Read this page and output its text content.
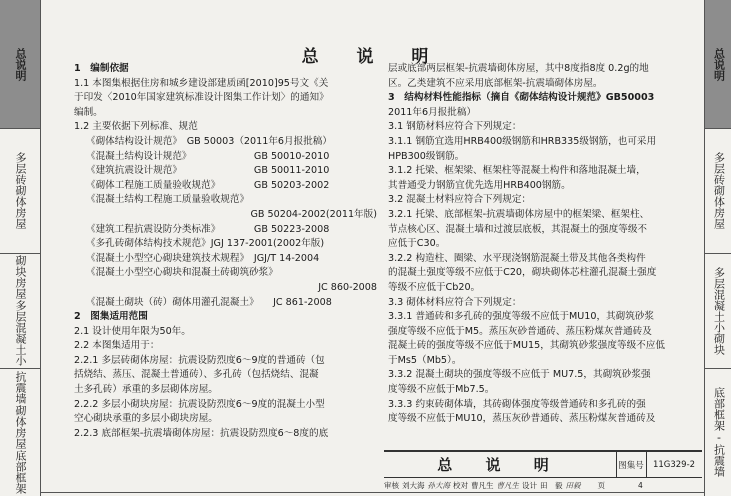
总说明
多层砖砌体房屋
多层混凝土小
砌块房屋
底部框架
砌体房屋
抗震墙
总说明
多层砖砌体房屋
多层混凝土小砌块
底部框架-抗震墙
总 说 明
1　编制依据
1.1 本图集根据住房和城乡建设部建质函[2010]95号文《关
于印发〈2010年国家建筑标准设计图集工作计划〉的通知》
编制。
1.2 主要依据下列标准、规范
《砌体结构设计规范》　GB 50003（2011年6月报批稿）
《混凝土结构设计规范》　　　　　　　GB 50010-2010
《建筑抗震设计规范》　　　　　　　　GB 50011-2010
《砌体工程施工质量验收规范》　　　　GB 50203-2002
《混凝土结构工程施工质量验收规范》
GB 50204-2002(2011年版)
《建筑工程抗震设防分类标准》　　　　GB 50223-2008
《多孔砖砌体结构技术规范》JGJ 137-2001(2002年版)
《混凝土小型空心砌块建筑技术规程》　JGJ/T 14-2004
《混凝土小型空心砌块和混凝土砖砌筑砂浆》
JC 860-2008
《混凝土砌块（砖）砌体用灌孔混凝土》　　JC 861-2008
2　图集适用范围
2.1 设计使用年限为50年。
2.2 本图集适用于：
2.2.1 多层砖砌体房屋：抗震设防烈度6～9度的普通砖（包
括烧结、蒸压、混凝土普通砖）、多孔砖（包括烧结、混凝
土多孔砖）承重的多层砌体房屋。
2.2.2 多层小砌块房屋：抗震设防烈度6～9度的混凝土小型
空心砌块承重的多层小砌块房屋。
2.2.3 底部框架-抗震墙砌体房屋：抗震设防烈度6～8度的底
层或底部两层框架-抗震墙砌体房屋，其中8度指8度 0.2g的地
区。乙类建筑不应采用底部框架-抗震墙砌体房屋。
3　结构材料性能指标（摘自《砌体结构设计规范》GB50003
2011年6月报批稿）
3.1 钢筋材料应符合下列规定：
3.1.1 钢筋宜选用HRB400级钢筋和HRB335级钢筋，也可采用
HPB300级钢筋。
3.1.2 托梁、框架梁、框架柱等混凝土构件和落地混凝土墙，
其普通受力钢筋宜优先选用HRB400钢筋。
3.2 混凝土材料应符合下列规定：
3.2.1 托梁、底部框架-抗震墙砌体房屋中的框架梁、框架柱、
节点核心区、混凝土墙和过渡层底板，其混凝土的强度等级不
应低于C30。
3.2.2 构造柱、圈梁、水平现浇钢筋混凝土带及其他各类构件
的混凝土强度等级不应低于C20，砌块砌体芯柱灌孔混凝土强度
等级不应低于Cb20。
3.3 砌体材料应符合下列规定：
3.3.1 普通砖和多孔砖的强度等级不应低于MU10，其砌筑砂浆
强度等级不应低于M5。蒸压灰砂普通砖、蒸压粉煤灰普通砖及
混凝土砖的强度等级不应低于MU15，其砌筑砂浆强度等级不应低
于Ms5（Mb5）。
3.3.2 混凝土砌块的强度等级不应低于 MU7.5，其砌筑砂浆强
度等级不应低于Mb7.5。
3.3.3 约束砖砌体墙，其砖砌体强度等级普通砖和多孔砖的强
度等级不应低于MU10，蒸压灰砂普通砖、蒸压粉煤灰普通砖及
总 说 明	图集号	11G329-2
审核 刘大海 孙大海 校对 曹凡生 曹凡生 设计 田　毅 田毅 页	4
